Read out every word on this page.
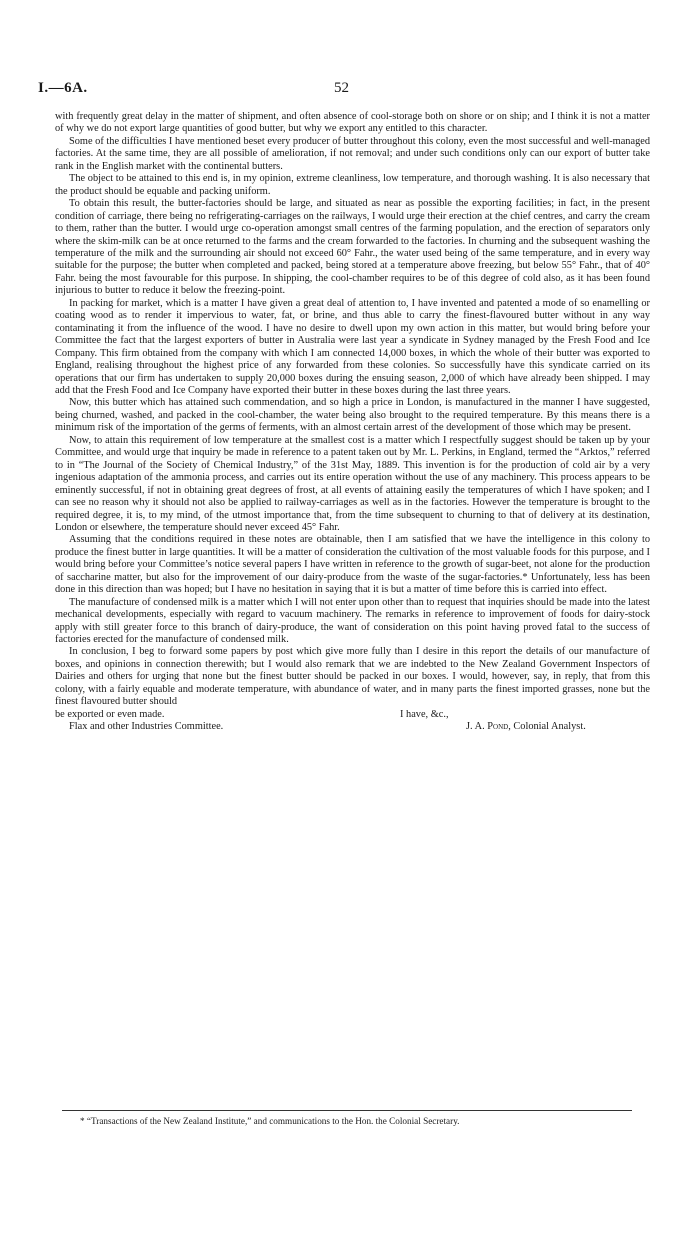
I.—6A.	52

with frequently great delay in the matter of shipment, and often absence of cool-storage both on shore or on ship; and I think it is not a matter of why we do not export large quantities of good butter, but why we export any entitled to this character.

Some of the difficulties I have mentioned beset every producer of butter throughout this colony, even the most successful and well-managed factories. At the same time, they are all possible of amelioration, if not removal; and under such conditions only can our export of butter take rank in the English market with the continental butters.

The object to be attained to this end is, in my opinion, extreme cleanliness, low temperature, and thorough washing. It is also necessary that the product should be equable and packing uniform.

To obtain this result, the butter-factories should be large, and situated as near as possible the exporting facilities; in fact, in the present condition of carriage, there being no refrigerating-carriages on the railways, I would urge their erection at the chief centres, and carry the cream to them, rather than the butter. I would urge co-operation amongst small centres of the farming population, and the erection of separators only where the skim-milk can be at once returned to the farms and the cream forwarded to the factories. In churning and the subsequent washing the temperature of the milk and the surrounding air should not exceed 60° Fahr., the water used being of the same temperature, and in every way suitable for the purpose; the butter when completed and packed, being stored at a temperature above freezing, but below 55° Fahr., that of 40° Fahr. being the most favourable for this purpose. In shipping, the cool-chamber requires to be of this degree of cold also, as it has been found injurious to butter to reduce it below the freezing-point.

In packing for market, which is a matter I have given a great deal of attention to, I have invented and patented a mode of so enamelling or coating wood as to render it impervious to water, fat, or brine, and thus able to carry the finest-flavoured butter without in any way contaminating it from the influence of the wood. I have no desire to dwell upon my own action in this matter, but would bring before your Committee the fact that the largest exporters of butter in Australia were last year a syndicate in Sydney managed by the Fresh Food and Ice Company. This firm obtained from the company with which I am connected 14,000 boxes, in which the whole of their butter was exported to England, realising throughout the highest price of any forwarded from these colonies. So successfully have this syndicate carried on its operations that our firm has undertaken to supply 20,000 boxes during the ensuing season, 2,000 of which have already been shipped. I may add that the Fresh Food and Ice Company have exported their butter in these boxes during the last three years.

Now, this butter which has attained such commendation, and so high a price in London, is manufactured in the manner I have suggested, being churned, washed, and packed in the cool-chamber, the water being also brought to the required temperature. By this means there is a minimum risk of the importation of the germs of ferments, with an almost certain arrest of the development of those which may be present.

Now, to attain this requirement of low temperature at the smallest cost is a matter which I respectfully suggest should be taken up by your Committee, and would urge that inquiry be made in reference to a patent taken out by Mr. L. Perkins, in England, termed the “Arktos,” referred to in “The Journal of the Society of Chemical Industry,” of the 31st May, 1889. This invention is for the production of cold air by a very ingenious adaptation of the ammonia process, and carries out its entire operation without the use of any machinery. This process appears to be eminently successful, if not in obtaining great degrees of frost, at all events of attaining easily the temperatures of which I have spoken; and I can see no reason why it should not also be applied to railway-carriages as well as in the factories. However the temperature is brought to the required degree, it is, to my mind, of the utmost importance that, from the time subsequent to churning to that of delivery at its destination, London or elsewhere, the temperature should never exceed 45° Fahr.

Assuming that the conditions required in these notes are obtainable, then I am satisfied that we have the intelligence in this colony to produce the finest butter in large quantities. It will be a matter of consideration the cultivation of the most valuable foods for this purpose, and I would bring before your Committee’s notice several papers I have written in reference to the growth of sugar-beet, not alone for the production of saccharine matter, but also for the improvement of our dairy-produce from the waste of the sugar-factories.* Unfortunately, less has been done in this direction than was hoped; but I have no hesitation in saying that it is but a matter of time before this is carried into effect.

The manufacture of condensed milk is a matter which I will not enter upon other than to request that inquiries should be made into the latest mechanical developments, especially with regard to vacuum machinery. The remarks in reference to improvement of foods for dairy-stock apply with still greater force to this branch of dairy-produce, the want of consideration on this point having proved fatal to the success of factories erected for the manufacture of condensed milk.

In conclusion, I beg to forward some papers by post which give more fully than I desire in this report the details of our manufacture of boxes, and opinions in connection therewith; but I would also remark that we are indebted to the New Zealand Government Inspectors of Dairies and others for urging that none but the finest butter should be packed in our boxes. I would, however, say, in reply, that from this colony, with a fairly equable and moderate temperature, with abundance of water, and in many parts the finest imported grasses, none but the finest flavoured butter should

be exported or even made.	I have, &c.,
Flax and other Industries Committee.	J. A. Pond, Colonial Analyst.
* “Transactions of the New Zealand Institute,” and communications to the Hon. the Colonial Secretary.
